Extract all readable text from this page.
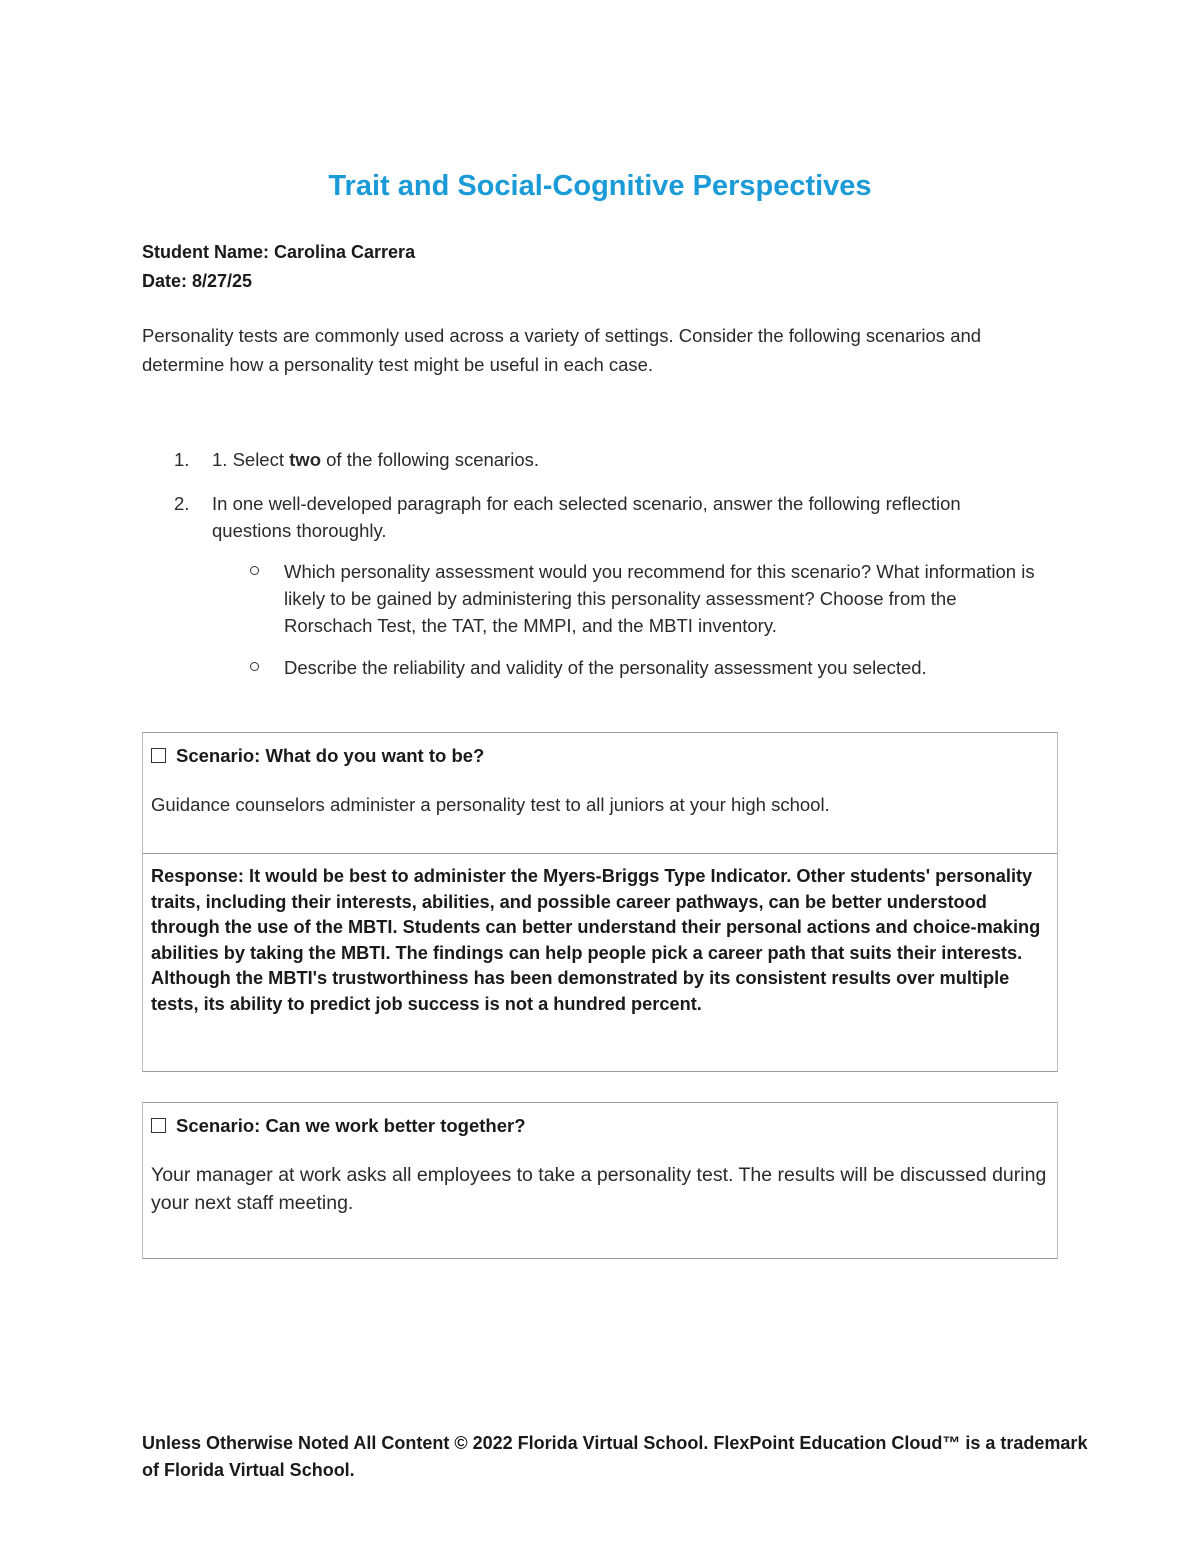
Trait and Social-Cognitive Perspectives
Student Name: Carolina Carrera
Date: 8/27/25

Personality tests are commonly used across a variety of settings. Consider the following scenarios and determine how a personality test might be useful in each case.

1. 1. Select two of the following scenarios.
2. In one well-developed paragraph for each selected scenario, answer the following reflection questions thoroughly.
Which personality assessment would you recommend for this scenario? What information is likely to be gained by administering this personality assessment? Choose from the Rorschach Test, the TAT, the MMPI, and the MBTI inventory.
Describe the reliability and validity of the personality assessment you selected.

Scenario: What do you want to be?

Guidance counselors administer a personality test to all juniors at your high school.

Response: It would be best to administer the Myers-Briggs Type Indicator. Other students' personality traits, including their interests, abilities, and possible career pathways, can be better understood through the use of the MBTI. Students can better understand their personal actions and choice-making abilities by taking the MBTI. The findings can help people pick a career path that suits their interests. Although the MBTI's trustworthiness has been demonstrated by its consistent results over multiple tests, its ability to predict job success is not a hundred percent.

Scenario: Can we work better together?

Your manager at work asks all employees to take a personality test. The results will be discussed during your next staff meeting.

Unless Otherwise Noted All Content © 2022 Florida Virtual School. FlexPoint Education Cloud™ is a trademark of Florida Virtual School.
